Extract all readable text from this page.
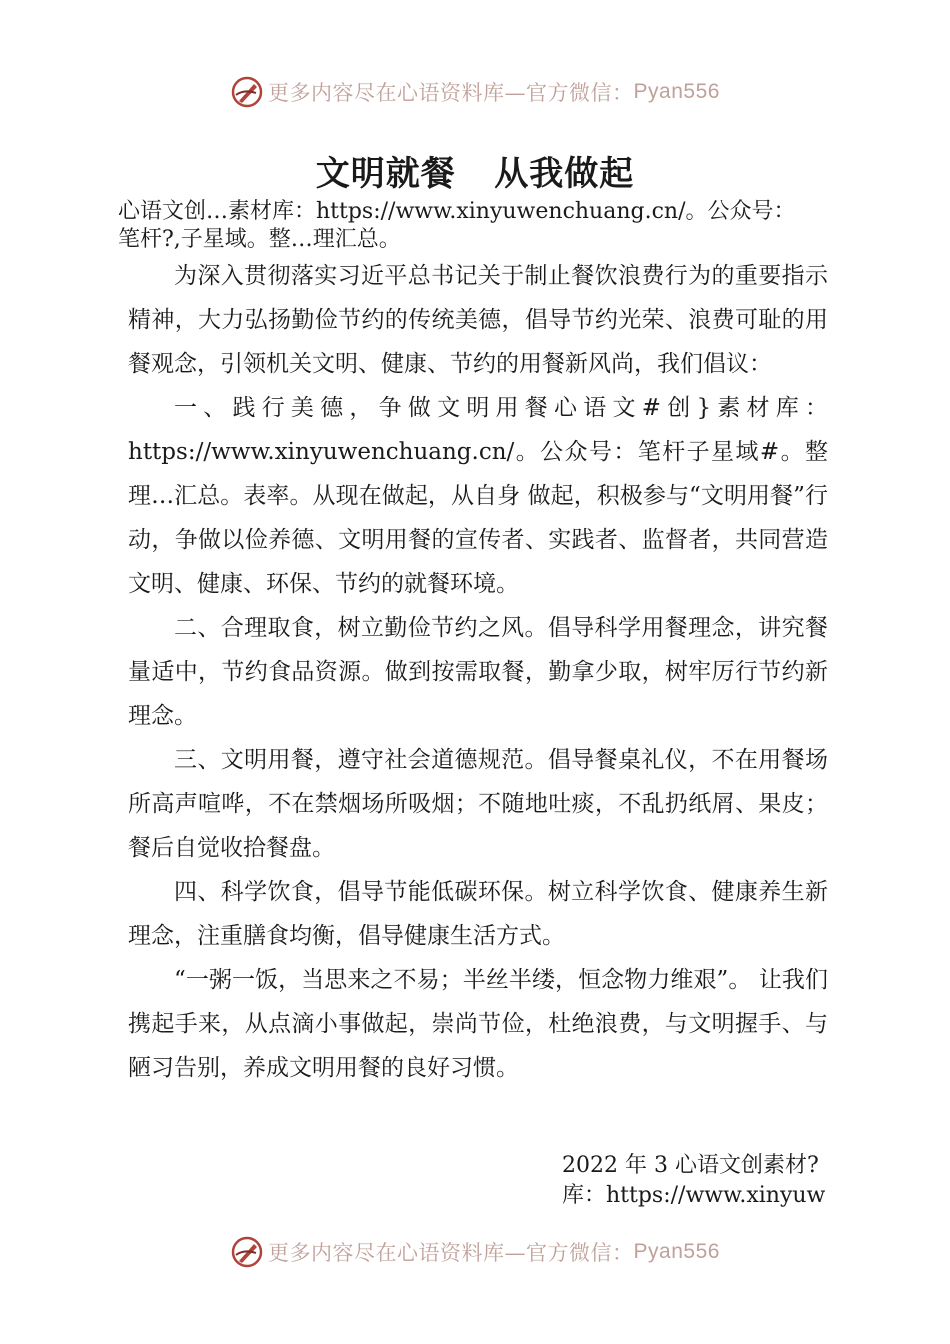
更多内容尽在心语资料库—官方微信： Pyan556
文明就餐   从我做起
心语文创…素材库：https://www.xinyuwenchuang.cn/。公众号：
笔杆?,子星域。整…理汇总。

为深入贯彻落实习近平总书记关于制止餐饮浪费行为的重要指示精神，大力弘扬勤俭节约的传统美德，倡导节约光荣、浪费可耻的用餐观念，引领机关文明、健康、节约的用餐新风尚，我们倡议：

一、践行美德，争做文明用餐心语文#创}素材库：https://www.xinyuwenchuang.cn/。公众号：笔杆子星域#。整理…汇总。表率。从现在做起，从自身 做起，积极参与“文明用餐”行动，争做以俭养德、文明用餐的宣传者、实践者、监督者，共同营造文明、健康、环保、节约的就餐环境。

二、合理取食，树立勤俭节约之风。倡导科学用餐理念，讲究餐量适中，节约食品资源。做到按需取餐，勤拿少取，树牢厉行节约新理念。

三、文明用餐，遵守社会道德规范。倡导餐桌礼仪，不在用餐场所高声喧哗，不在禁烟场所吸烟；不随地吐痰，不乱扔纸屑、果皮；餐后自觉收拾餐盘。

四、科学饮食，倡导节能低碳环保。树立科学饮食、健康养生新理念，注重膳食均衡，倡导健康生活方式。

“一粥一饭，当思来之不易；半丝半缕，恒念物力维艰”。 让我们携起手来，从点滴小事做起，崇尚节俭，杜绝浪费，与文明握手、与陋习告别，养成文明用餐的良好习惯。

2022 年 3 心语文创素材?
库：https://www.xinyuw
更多内容尽在心语资料库—官方微信： Pyan556
